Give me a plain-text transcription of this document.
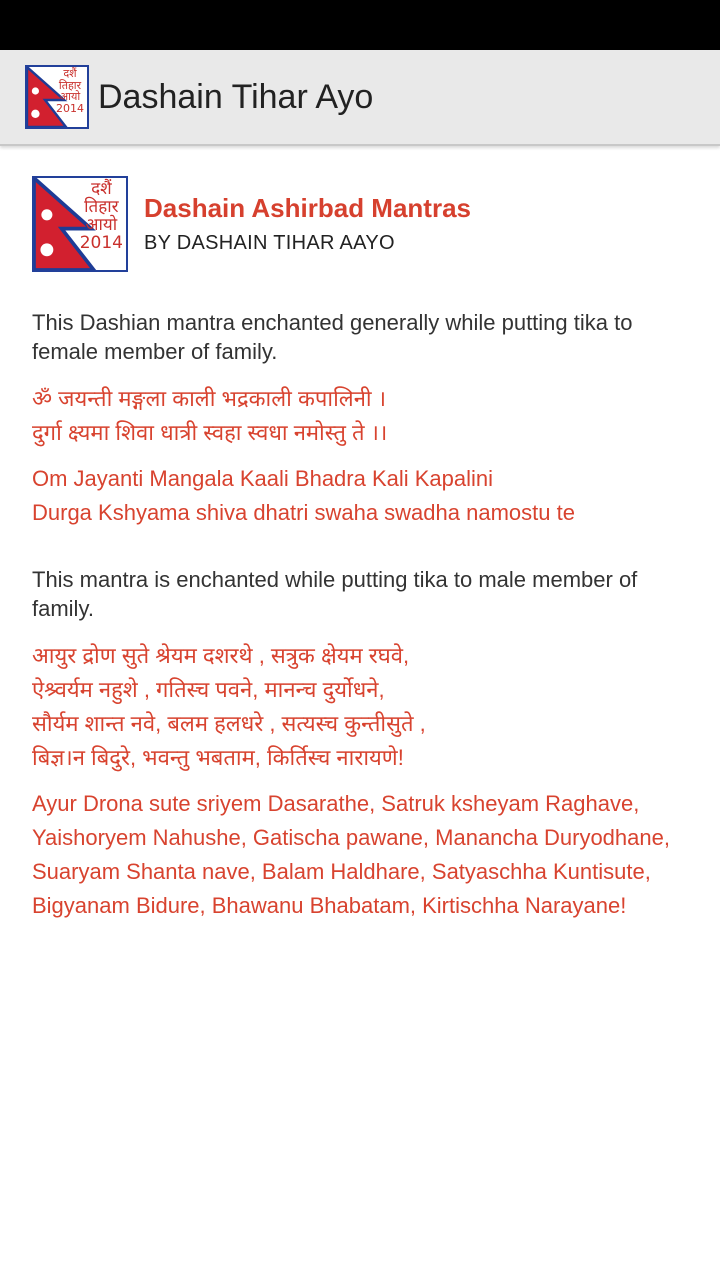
दशैं
तिहार
आयो
2014 Dashain Tihar Ayo
दशैं
तिहार
आयो
2014
Dashain Ashirbad Mantras
BY DASHAIN TIHAR AAYO
This Dashian mantra enchanted generally while putting tika to female member of family.
ॐ जयन्ती मङ्गला काली भद्रकाली कपालिनी ।
दुर्गा क्ष्यमा शिवा धात्री स्वहा स्वधा नमोस्तु ते ।।
Om Jayanti Mangala Kaali Bhadra Kali Kapalini
Durga Kshyama shiva dhatri swaha swadha namostu te
This mantra is enchanted while putting tika to male member of family.
आयुर द्रोण सुते श्रेयम दशरथे , सत्रुक क्षेयम रघवे,
ऐश्र्वर्यम नहुशे , गतिस्च पवने, मानन्च दुर्योधने,
सौर्यम शान्त नवे, बलम हलधरे , सत्यस्च कुन्तीसुते ,
बिज्ञ।न बिदुरे, भवन्तु भबताम, किर्तिस्च नारायणे!
Ayur Drona sute sriyem Dasarathe, Satruk ksheyam Raghave,
Yaishoryem Nahushe, Gatischa pawane, Manancha Duryodhane,
Suaryam Shanta nave, Balam Haldhare, Satyaschha Kuntisute,
Bigyanam Bidure, Bhawanu Bhabatam, Kirtischha Narayane!
